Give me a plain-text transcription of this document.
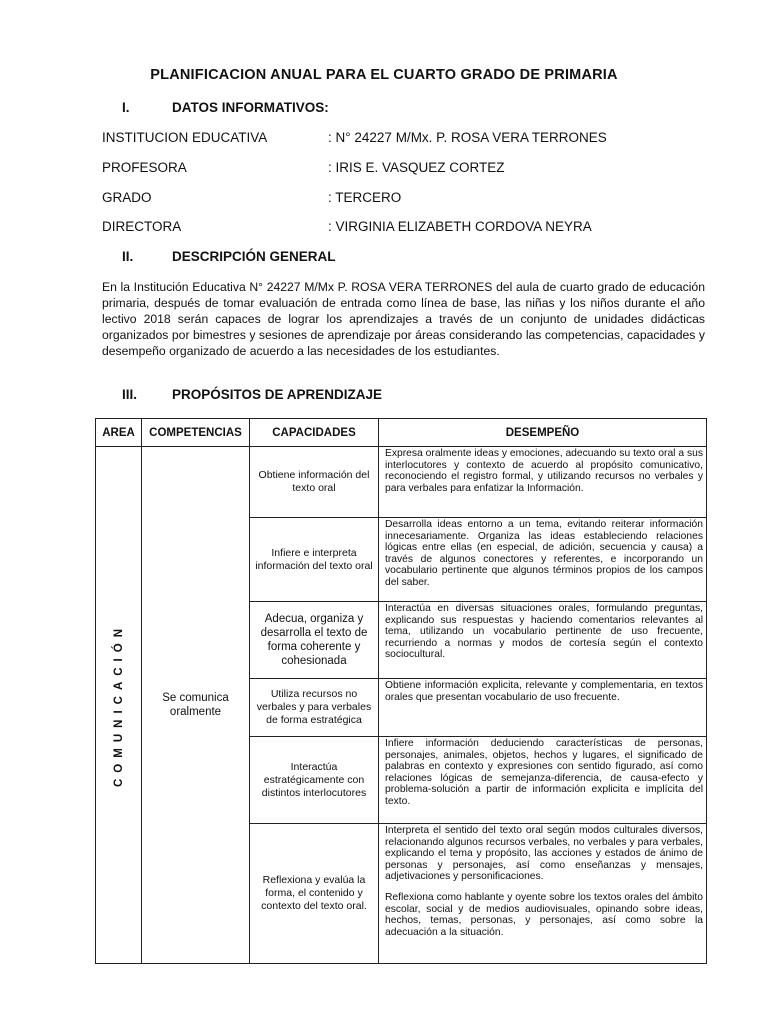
PLANIFICACION ANUAL PARA EL CUARTO GRADO DE PRIMARIA
I.	DATOS INFORMATIVOS:
INSTITUCION EDUCATIVA	: N° 24227 M/Mx. P. ROSA VERA TERRONES
PROFESORA	: IRIS E. VASQUEZ CORTEZ
GRADO	: TERCERO
DIRECTORA	: VIRGINIA ELIZABETH CORDOVA NEYRA
II.	DESCRIPCIÓN GENERAL
En la Institución Educativa N° 24227 M/Mx P. ROSA VERA TERRONES del aula de cuarto grado de educación primaria, después de tomar evaluación de entrada como línea de base, las niñas y los niños durante el año lectivo 2018 serán capaces de lograr los aprendizajes a través de un conjunto de unidades didácticas organizados por bimestres y sesiones de aprendizaje por áreas considerando las competencias, capacidades y desempeño organizado de acuerdo a las necesidades de los estudiantes.
III.	PROPÓSITOS DE APRENDIZAJE
AREA	COMPETENCIAS	CAPACIDADES	DESEMPEÑO

COMUNICACIÓN	Se comunica oralmente	Obtiene información del texto oral	Expresa oralmente ideas y emociones, adecuando su texto oral a sus interlocutores y contexto de acuerdo al propósito comunicativo, reconociendo el registro formal, y utilizando recursos no verbales y para verbales para enfatizar la Información.

		Infiere e interpreta información del texto oral	Desarrolla ideas entorno a un tema, evitando reiterar información innecesariamente. Organiza las ideas estableciendo relaciones lógicas entre ellas (en especial, de adición, secuencia y causa) a través de algunos conectores y referentes, e incorporando un vocabulario pertinente que algunos términos propios de los campos del saber.

		Adecua, organiza y desarrolla el texto de forma coherente y cohesionada	Interactúa en diversas situaciones orales, formulando preguntas, explicando sus respuestas y haciendo comentarios relevantes al tema, utilizando un vocabulario pertinente de uso frecuente, recurriendo a normas y modos de cortesía según el contexto sociocultural.

		Utiliza recursos no verbales y para verbales de forma estratégica	Obtiene información explicita, relevante y complementaria, en textos orales que presentan vocabulario de uso frecuente.

		Interactúa estratégicamente con distintos interlocutores	Infiere información deduciendo características de personas, personajes, animales, objetos, hechos y lugares, el significado de palabras en contexto y expresiones con sentido figurado, así como relaciones lógicas de semejanza-diferencia, de causa-efecto y problema-solución a partir de información explicita e implícita del texto.

		Reflexiona y evalúa la forma, el contenido y contexto del texto oral.	Interpreta el sentido del texto oral según modos culturales diversos, relacionando algunos recursos verbales, no verbales y para verbales, explicando el tema y propósito, las acciones y estados de ánimo de personas y personajes, así como enseñanzas y mensajes, adjetivaciones y personificaciones.

Reflexiona como hablante y oyente sobre los textos orales del ámbito escolar, social y de medios audiovisuales, opinando sobre ideas, hechos, temas, personas, y personajes, así como sobre la adecuación a la situación.
